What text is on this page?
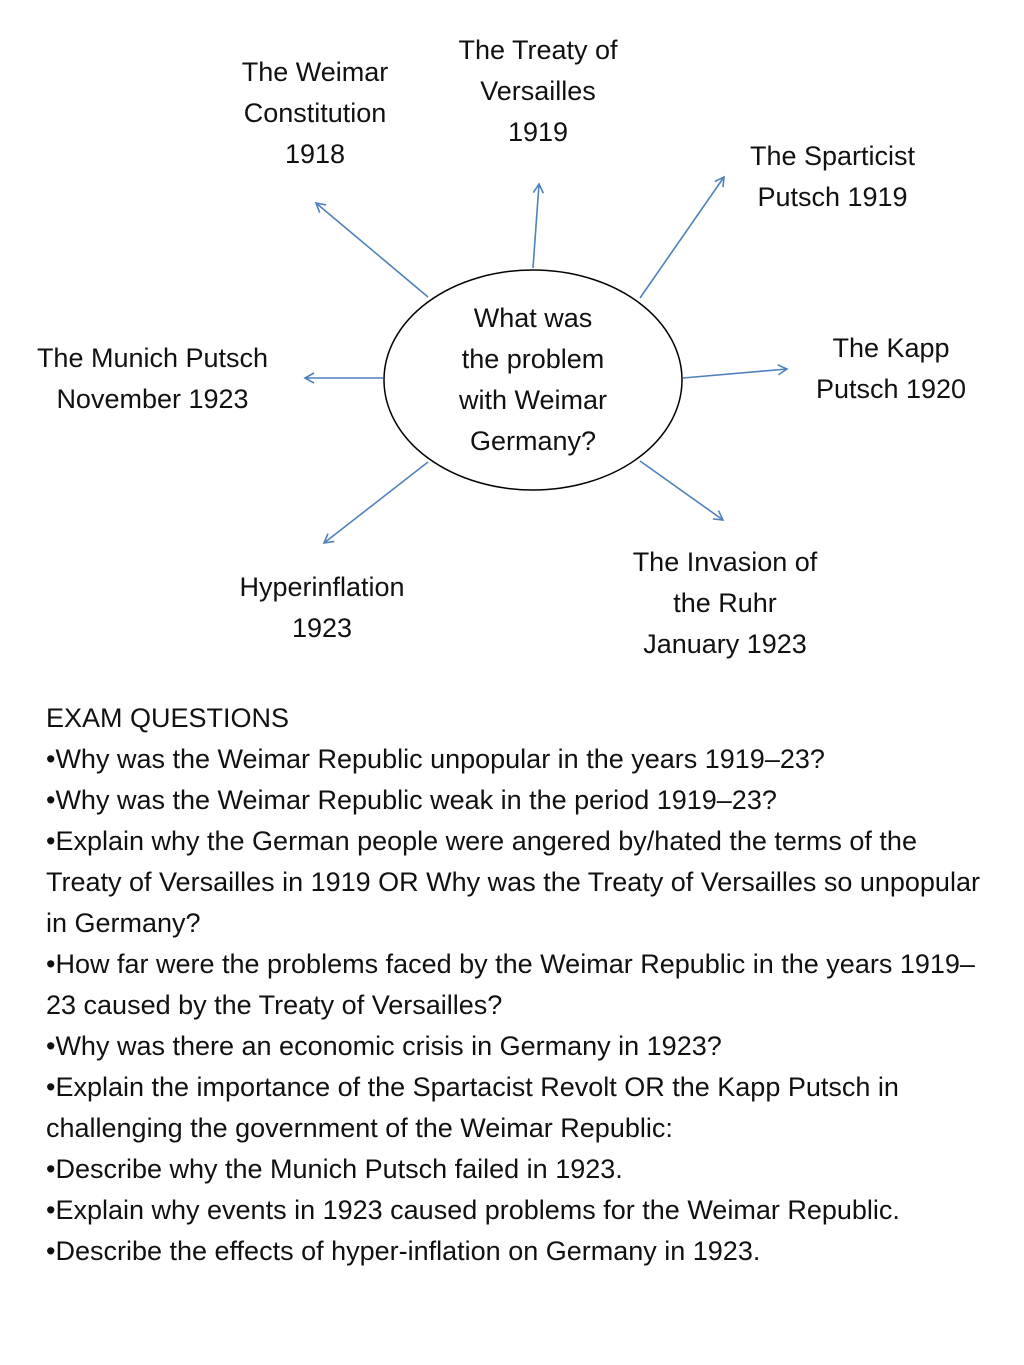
What was
the problem
with Weimar
Germany?
The Weimar
Constitution
1918
The Treaty of
Versailles
1919
The Sparticist
Putsch 1919
The Kapp
Putsch 1920
The Invasion of
the Ruhr
January 1923
Hyperinflation
1923
The Munich Putsch
November 1923
EXAM QUESTIONS
•Why was the Weimar Republic unpopular in the years 1919–23?
•Why was the Weimar Republic weak in the period 1919–23?
•Explain why the German people were angered by/hated the terms of the Treaty of Versailles in 1919 OR Why was the Treaty of Versailles so unpopular in Germany?
•How far were the problems faced by the Weimar Republic in the years 1919–23 caused by the Treaty of Versailles?
•Why was there an economic crisis in Germany in 1923?
•Explain the importance of the Spartacist Revolt OR the Kapp Putsch in challenging the government of the Weimar Republic:
•Describe why the Munich Putsch failed in 1923.
•Explain why events in 1923 caused problems for the Weimar Republic.
•Describe the effects of hyper-inflation on Germany in 1923.
